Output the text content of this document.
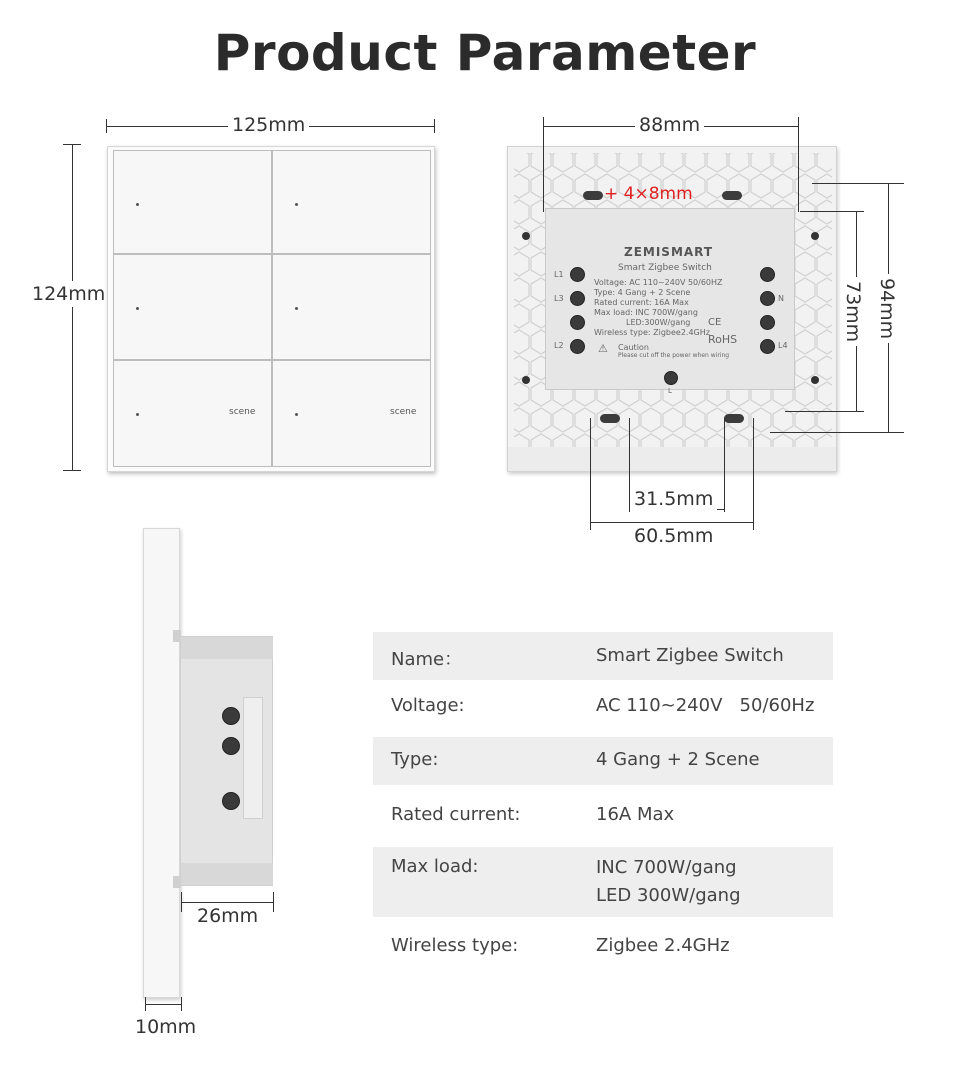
Product Parameter
125mm
124mm
scene	scene
ZEMISMART
Smart Zigbee Switch
Voltage: AC 110~240V 50/60HZ
Type: 4 Gang + 2 Scene
Rated current: 16A Max
Max load: INC 700W/gang
LED:300W/gang
Wireless type: Zigbee2.4GHz
CE
RoHS
⚠ Caution
Please cut off the power when wiring
L1
L3
L2
N
L4
L
+ 4×8mm
88mm
94mm
73mm
31.5mm
60.5mm
26mm
10mm
Name：	Smart Zigbee Switch
Voltage:	AC 110~240V   50/60Hz
Type:	4 Gang + 2 Scene
Rated current:	16A Max
Max load:	INC 700W/gang
LED 300W/gang
Wireless type:	Zigbee 2.4GHz
